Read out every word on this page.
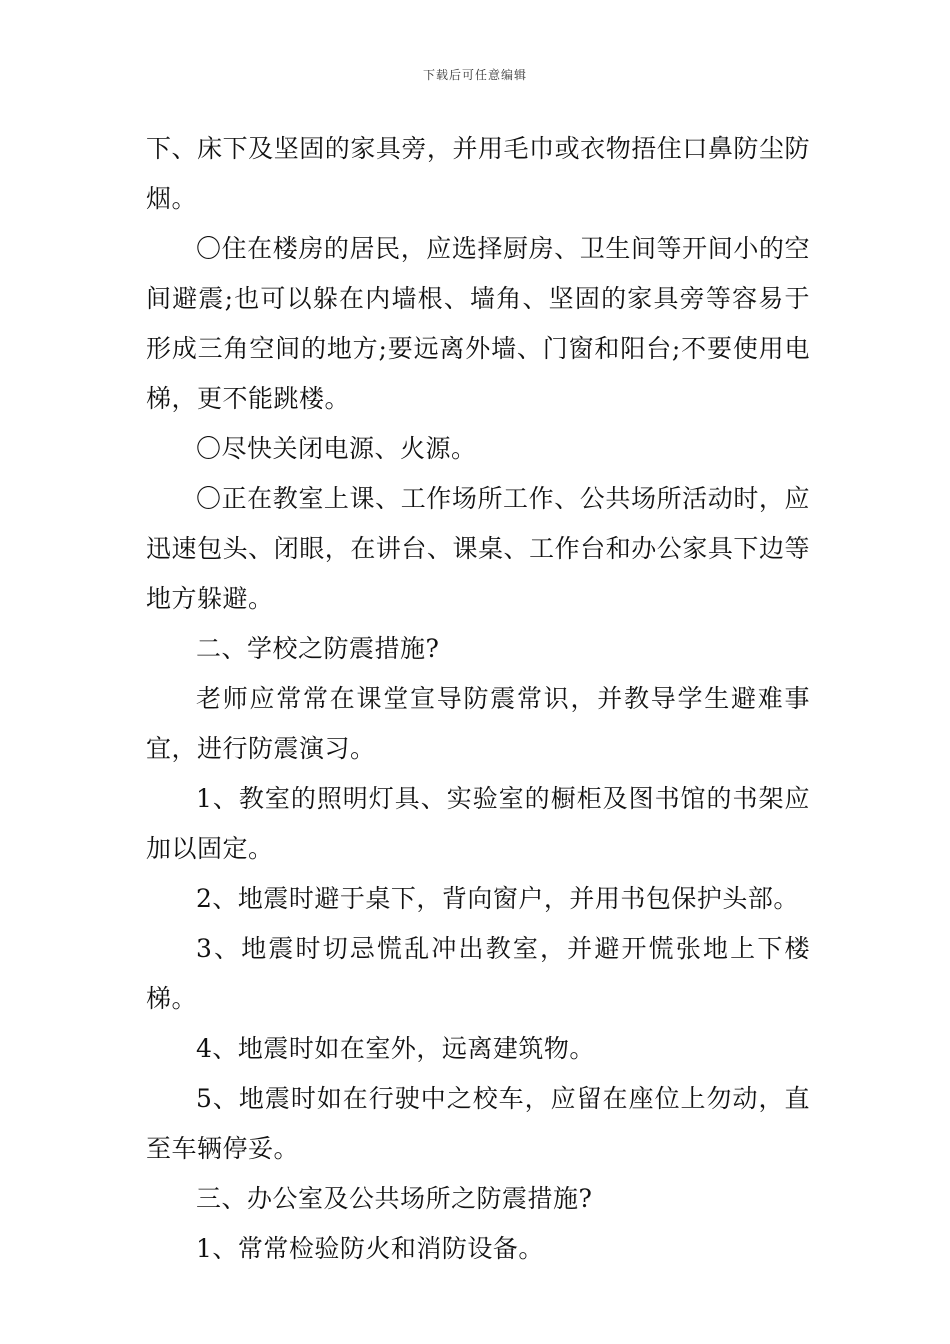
下载后可任意编辑

下、床下及坚固的家具旁，并用毛巾或衣物捂住口鼻防尘防烟。

〇住在楼房的居民，应选择厨房、卫生间等开间小的空间避震;也可以躲在内墙根、墙角、坚固的家具旁等容易于形成三角空间的地方;要远离外墙、门窗和阳台;不要使用电梯，更不能跳楼。

〇尽快关闭电源、火源。

〇正在教室上课、工作场所工作、公共场所活动时，应迅速包头、闭眼，在讲台、课桌、工作台和办公家具下边等地方躲避。

二、学校之防震措施?

老师应常常在课堂宣导防震常识，并教导学生避难事宜，进行防震演习。

1、教室的照明灯具、实验室的橱柜及图书馆的书架应加以固定。

2、地震时避于桌下，背向窗户，并用书包保护头部。

3、地震时切忌慌乱冲出教室，并避开慌张地上下楼梯。

4、地震时如在室外，远离建筑物。

5、地震时如在行驶中之校车，应留在座位上勿动，直至车辆停妥。

三、办公室及公共场所之防震措施?

1、常常检验防火和消防设备。
